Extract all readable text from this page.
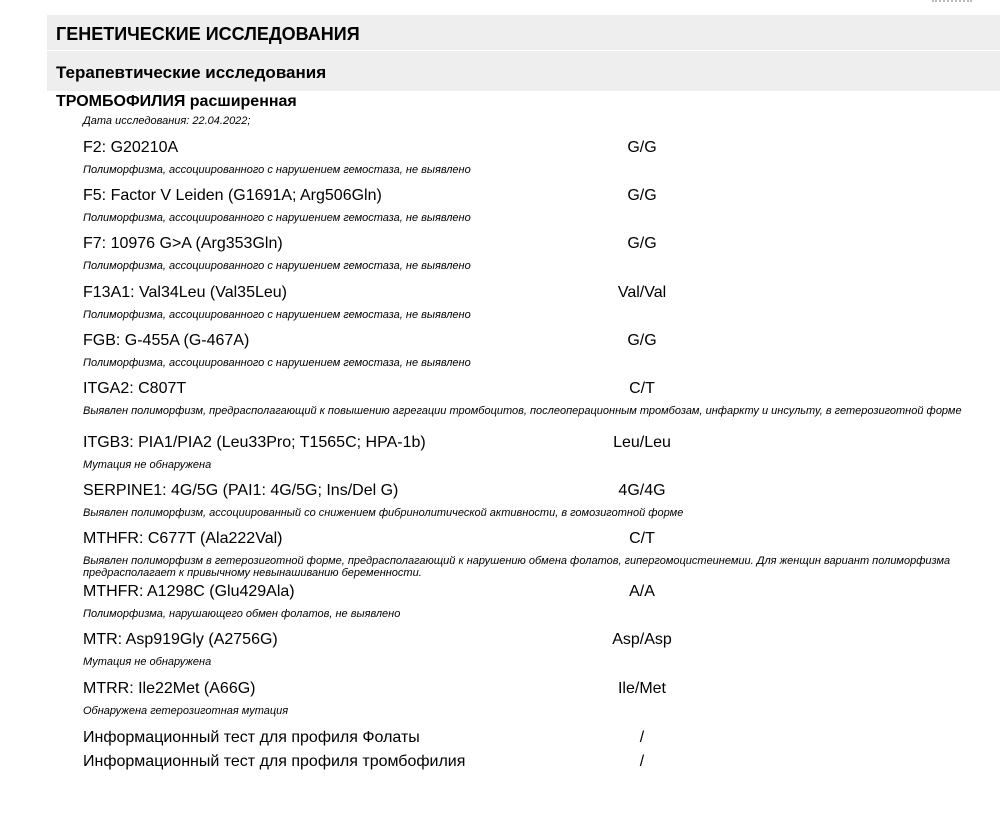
ГЕНЕТИЧЕСКИЕ ИССЛЕДОВАНИЯ
Терапевтические исследования
ТРОМБОФИЛИЯ расширенная
Дата исследования: 22.04.2022;
F2: G20210A	G/G
Полиморфизма, ассоциированного с нарушением гемостаза, не выявлено
F5: Factor V Leiden (G1691A; Arg506Gln)	G/G
Полиморфизма, ассоциированного с нарушением гемостаза, не выявлено
F7: 10976 G>A (Arg353Gln)	G/G
Полиморфизма, ассоциированного с нарушением гемостаза, не выявлено
F13A1: Val34Leu (Val35Leu)	Val/Val
Полиморфизма, ассоциированного с нарушением гемостаза, не выявлено
FGB: G-455A (G-467A)	G/G
Полиморфизма, ассоциированного с нарушением гемостаза, не выявлено
ITGA2: C807T	C/T
Выявлен полиморфизм, предрасполагающий к повышению агрегации тромбоцитов, послеоперационным тромбозам, инфаркту и инсульту, в гетерозиготной форме
ITGB3: PIA1/PIA2 (Leu33Pro; T1565C; HPA-1b)	Leu/Leu
Мутация не обнаружена
SERPINE1: 4G/5G (PAI1: 4G/5G; Ins/Del G)	4G/4G
Выявлен полиморфизм, ассоциированный со снижением фибринолитической активности, в гомозиготной форме
MTHFR: C677T (Ala222Val)	C/T
Выявлен полиморфизм в гетерозиготной форме, предрасполагающий к нарушению обмена фолатов, гипергомоцистеинемии. Для женщин вариант полиморфизма предрасполагает к привычному невынашиванию беременности.
MTHFR: A1298C (Glu429Ala)	A/A
Полиморфизма, нарушающего обмен фолатов, не выявлено
MTR: Asp919Gly (A2756G)	Asp/Asp
Мутация не обнаружена
MTRR: Ile22Met (A66G)	Ile/Met
Обнаружена гетерозиготная мутация
Информационный тест для профиля Фолаты	/
Информационный тест для профиля тромбофилия	/
